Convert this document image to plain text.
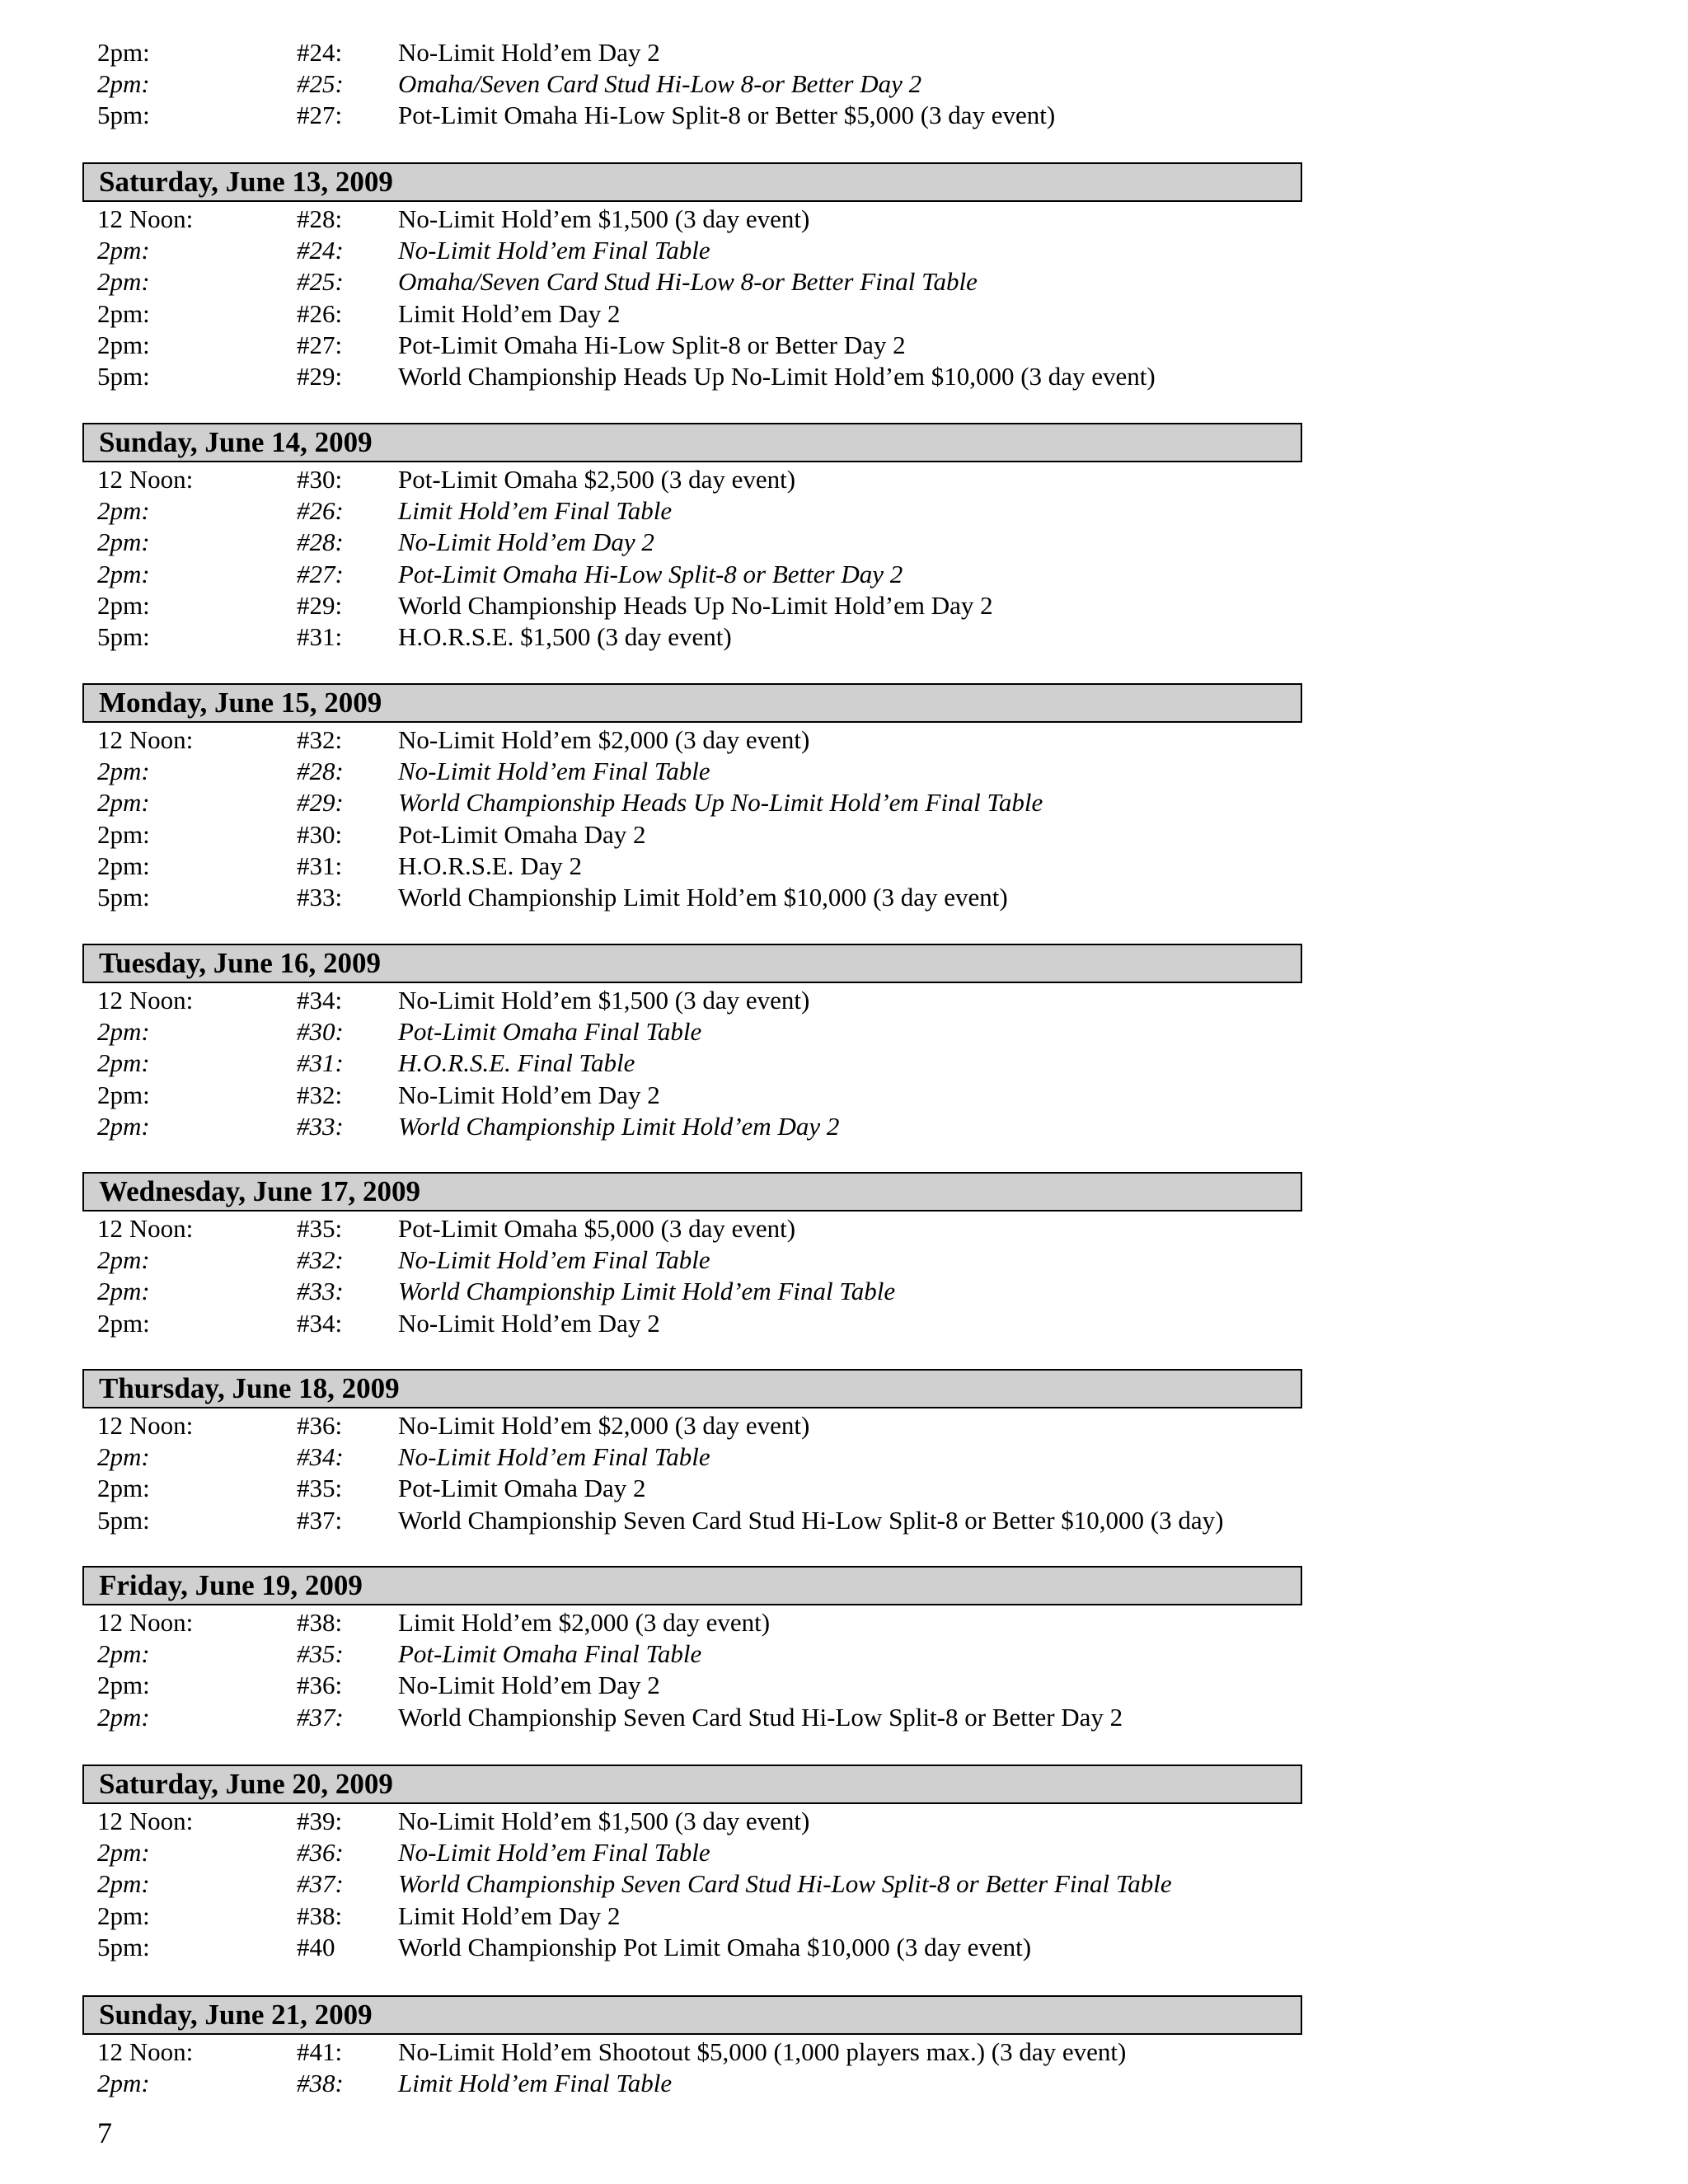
2pm:	#24: No-Limit Hold’em Day 2
2pm:	#25: Omaha/Seven Card Stud Hi-Low 8-or Better Day 2
5pm:	#27: Pot-Limit Omaha Hi-Low Split-8 or Better $5,000 (3 day event)
Saturday, June 13, 2009
12 Noon:	#28: No-Limit Hold’em $1,500 (3 day event)
2pm:	#24: No-Limit Hold’em Final Table
2pm:	#25: Omaha/Seven Card Stud Hi-Low 8-or Better Final Table
2pm:	#26: Limit Hold’em Day 2
2pm:	#27: Pot-Limit Omaha Hi-Low Split-8 or Better Day 2
5pm:	#29: World Championship Heads Up No-Limit Hold’em $10,000 (3 day event)
Sunday, June 14, 2009
12 Noon:	#30: Pot-Limit Omaha $2,500 (3 day event)
2pm:	#26: Limit Hold’em Final Table
2pm:	#28: No-Limit Hold’em Day 2
2pm:	#27: Pot-Limit Omaha Hi-Low Split-8 or Better Day 2
2pm:	#29: World Championship Heads Up No-Limit Hold’em Day 2
5pm:	#31: H.O.R.S.E. $1,500 (3 day event)
Monday, June 15, 2009
12 Noon:	#32: No-Limit Hold’em $2,000 (3 day event)
2pm:	#28: No-Limit Hold’em Final Table
2pm:	#29: World Championship Heads Up No-Limit Hold’em Final Table
2pm:	#30: Pot-Limit Omaha Day 2
2pm:	#31: H.O.R.S.E. Day 2
5pm:	#33: World Championship Limit Hold’em $10,000 (3 day event)
Tuesday, June 16, 2009
12 Noon:	#34: No-Limit Hold’em $1,500 (3 day event)
2pm:	#30: Pot-Limit Omaha Final Table
2pm:	#31: H.O.R.S.E. Final Table
2pm:	#32: No-Limit Hold’em Day 2
2pm:	#33: World Championship Limit Hold’em Day 2
Wednesday, June 17, 2009
12 Noon:	#35: Pot-Limit Omaha $5,000 (3 day event)
2pm:	#32: No-Limit Hold’em Final Table
2pm:	#33: World Championship Limit Hold’em Final Table
2pm:	#34: No-Limit Hold’em Day 2
Thursday, June 18, 2009
12 Noon:	#36: No-Limit Hold’em $2,000 (3 day event)
2pm:	#34: No-Limit Hold’em Final Table
2pm:	#35: Pot-Limit Omaha Day 2
5pm:	#37: World Championship Seven Card Stud Hi-Low Split-8 or Better $10,000 (3 day)
Friday, June 19, 2009
12 Noon:	#38: Limit Hold’em $2,000 (3 day event)
2pm:	#35: Pot-Limit Omaha Final Table
2pm:	#36: No-Limit Hold’em Day 2
2pm:	#37: World Championship Seven Card Stud Hi-Low Split-8 or Better Day 2
Saturday, June 20, 2009
12 Noon:	#39: No-Limit Hold’em $1,500 (3 day event)
2pm:	#36: No-Limit Hold’em Final Table
2pm:	#37: World Championship Seven Card Stud Hi-Low Split-8 or Better Final Table
2pm:	#38: Limit Hold’em Day 2
5pm:	#40 World Championship Pot Limit Omaha $10,000 (3 day event)
Sunday, June 21, 2009
12 Noon:	#41: No-Limit Hold’em Shootout $5,000 (1,000 players max.) (3 day event)
2pm:	#38: Limit Hold’em Final Table
7
